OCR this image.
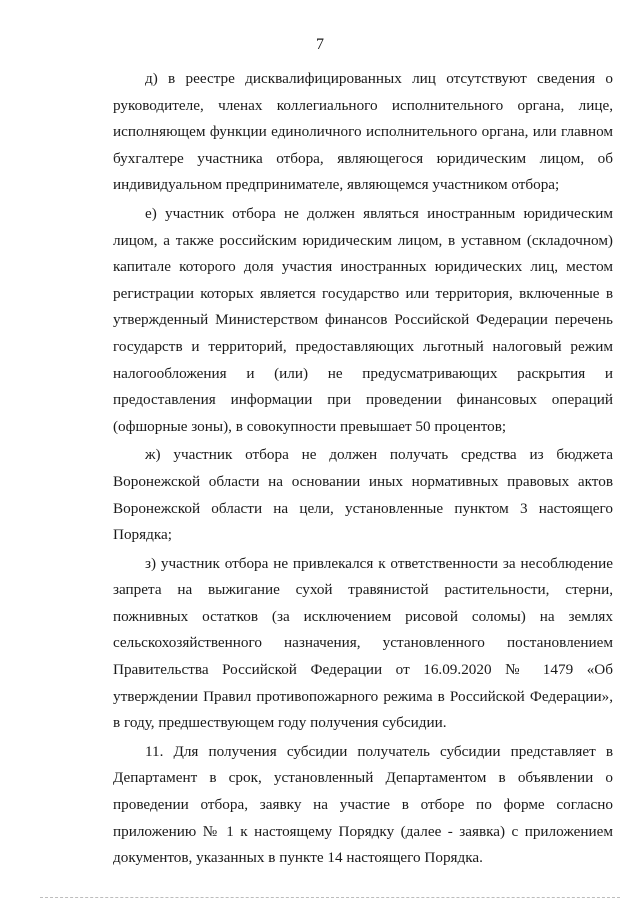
7

д) в реестре дисквалифицированных лиц отсутствуют сведения о руководителе, членах коллегиального исполнительного органа, лице, исполняющем функции единоличного исполнительного органа, или главном бухгалтере участника отбора, являющегося юридическим лицом, об индивидуальном предпринимателе, являющемся участником отбора;

е) участник отбора не должен являться иностранным юридическим лицом, а также российским юридическим лицом, в уставном (складочном) капитале которого доля участия иностранных юридических лиц, местом регистрации которых является государство или территория, включенные в утвержденный Министерством финансов Российской Федерации перечень государств и территорий, предоставляющих льготный налоговый режим налогообложения и (или) не предусматривающих раскрытия и предоставления информации при проведении финансовых операций (офшорные зоны), в совокупности превышает 50 процентов;

ж) участник отбора не должен получать средства из бюджета Воронежской области на основании иных нормативных правовых актов Воронежской области на цели, установленные пунктом 3 настоящего Порядка;

з) участник отбора не привлекался к ответственности за несоблюдение запрета на выжигание сухой травянистой растительности, стерни, пожнивных остатков (за исключением рисовой соломы) на землях сельскохозяйственного назначения, установленного постановлением Правительства Российской Федерации от 16.09.2020 № 1479 «Об утверждении Правил противопожарного режима в Российской Федерации», в году, предшествующем году получения субсидии.

11. Для получения субсидии получатель субсидии представляет в Департамент в срок, установленный Департаментом в объявлении о проведении отбора, заявку на участие в отборе по форме согласно приложению № 1 к настоящему Порядку (далее - заявка) с приложением документов, указанных в пункте 14 настоящего Порядка.
